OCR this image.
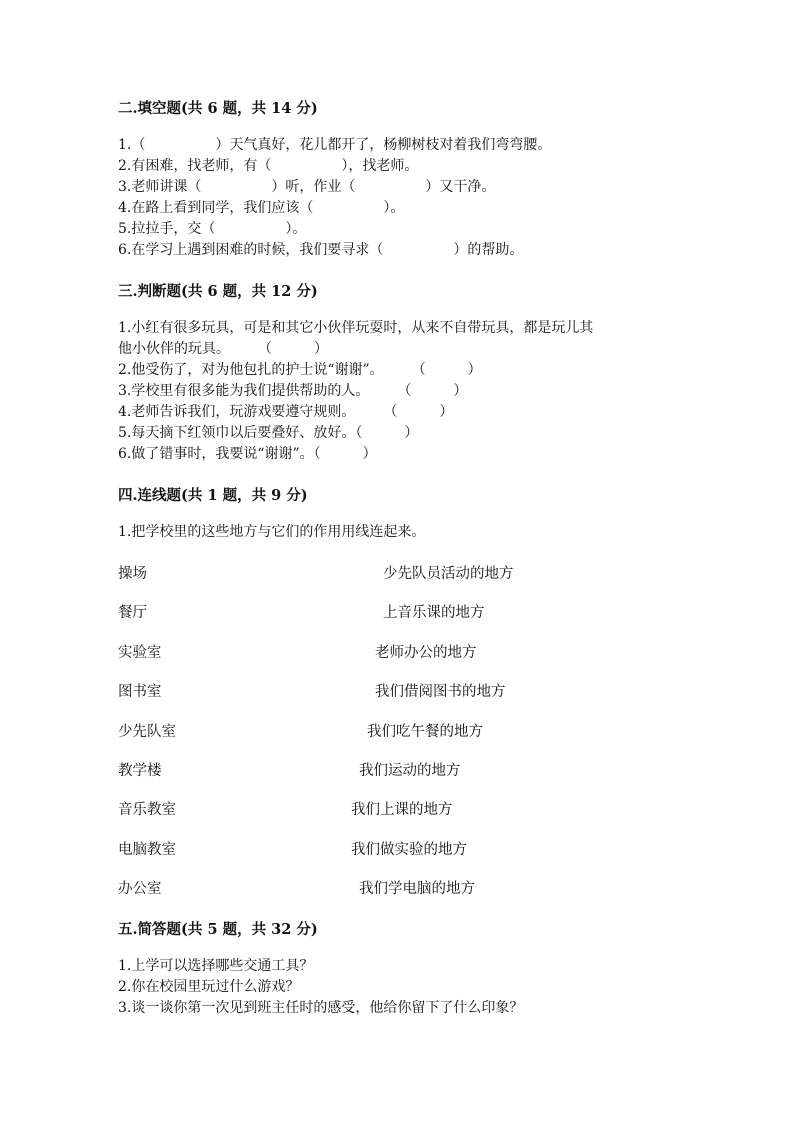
二.填空题(共 6 题，共 14 分)
1.（　　　　　）天气真好，花儿都开了，杨柳树枝对着我们弯弯腰。
2.有困难，找老师，有（　　　　　），找老师。
3.老师讲课（　　　　　）听，作业（　　　　　）又干净。
4.在路上看到同学，我们应该（　　　　　）。
5.拉拉手，交（　　　　　）。
6.在学习上遇到困难的时候，我们要寻求（　　　　　）的帮助。
三.判断题(共 6 题，共 12 分)
1.小红有很多玩具，可是和其它小伙伴玩耍时，从来不自带玩具，都是玩儿其
他小伙伴的玩具。　　　（　　　）
2.他受伤了，对为他包扎的护士说“谢谢”。　　　（　　　）
3.学校里有很多能为我们提供帮助的人。　　　（　　　）
4.老师告诉我们，玩游戏要遵守规则。　　　（　　　）
5.每天摘下红领巾以后要叠好、放好。（　　　）
6.做了错事时，我要说“谢谢”。（　　　）
四.连线题(共 1 题，共 9 分)
1.把学校里的这些地方与它们的作用用线连起来。
操场
餐厅
实验室
图书室
少先队室
教学楼
音乐教室
电脑教室
办公室
少先队员活动的地方
上音乐课的地方
老师办公的地方
我们借阅图书的地方
我们吃午餐的地方
我们运动的地方
我们上课的地方
我们做实验的地方
我们学电脑的地方
五.简答题(共 5 题，共 32 分)
1.上学可以选择哪些交通工具？
2.你在校园里玩过什么游戏？
3.谈一谈你第一次见到班主任时的感受，他给你留下了什么印象？
